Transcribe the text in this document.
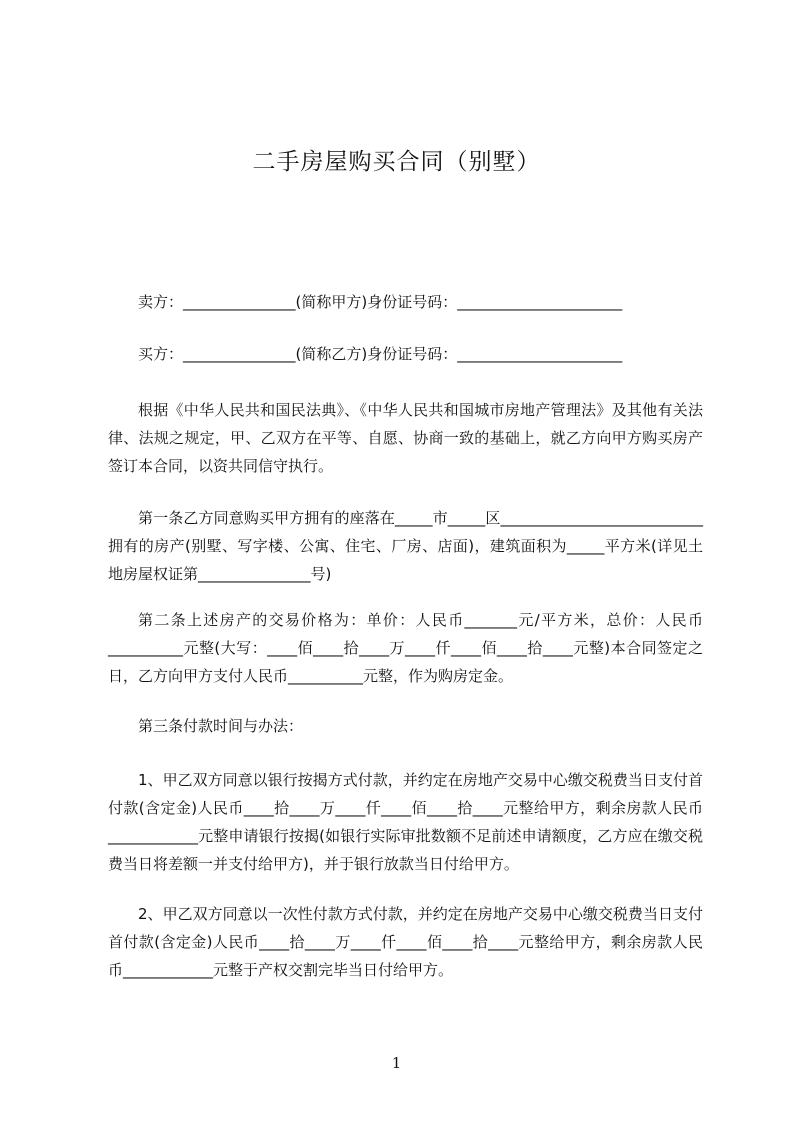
二手房屋购买合同（别墅）

卖方：_______________(简称甲方)身份证号码：______________________

买方：_______________(简称乙方)身份证号码：______________________

根据《中华人民共和国民法典》、《中华人民共和国城市房地产管理法》及其他有关法律、法规之规定，甲、乙双方在平等、自愿、协商一致的基础上，就乙方向甲方购买房产签订本合同，以资共同信守执行。

第一条乙方同意购买甲方拥有的座落在_____市_____区___________________________拥有的房产(别墅、写字楼、公寓、住宅、厂房、店面)，建筑面积为_____平方米(详见土地房屋权证第_______________号)

第二条上述房产的交易价格为：单价：人民币_______元/平方米，总价：人民币__________元整(大写：____佰____拾____万____仟____佰____拾____元整)本合同签定之日，乙方向甲方支付人民币__________元整，作为购房定金。

第三条付款时间与办法：

1、甲乙双方同意以银行按揭方式付款，并约定在房地产交易中心缴交税费当日支付首付款(含定金)人民币____拾____万____仟____佰____拾____元整给甲方，剩余房款人民币____________元整申请银行按揭(如银行实际审批数额不足前述申请额度，乙方应在缴交税费当日将差额一并支付给甲方)，并于银行放款当日付给甲方。

2、甲乙双方同意以一次性付款方式付款，并约定在房地产交易中心缴交税费当日支付首付款(含定金)人民币____拾____万____仟____佰____拾____元整给甲方，剩余房款人民币____________元整于产权交割完毕当日付给甲方。

1
